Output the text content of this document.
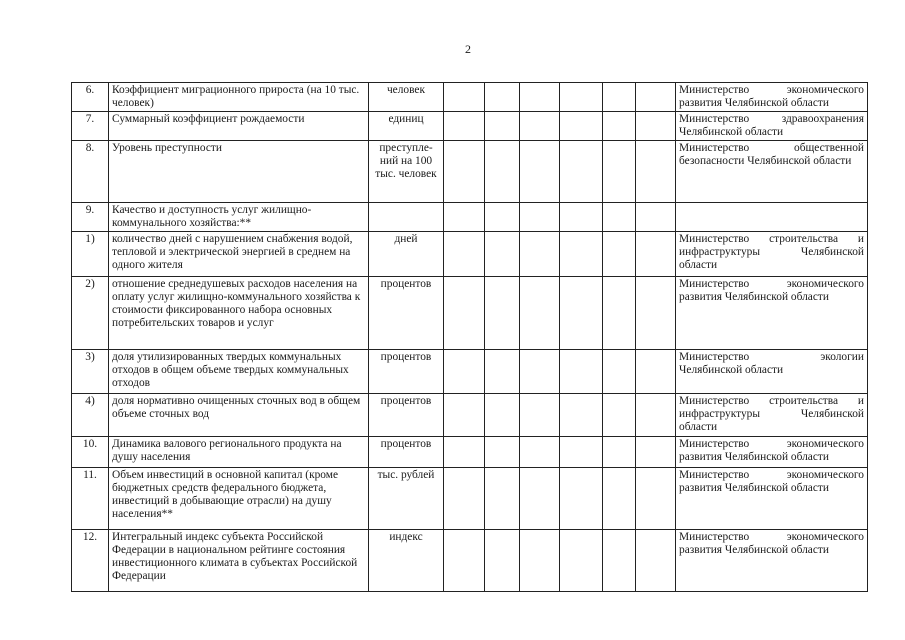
2
6.	Коэффициент миграционного прироста (на 10 тыс. человек)	человек							Министерство экономического
развития Челябинской области

7.	Суммарный коэффициент рождаемости	единиц							Министерство здравоохранения
Челябинской области

8.	Уровень преступности	преступле-ний на 100 тыс. человек							Министерство общественной
безопасности Челябинской области

9.	Качество и доступность услуг жилищно-коммунального хозяйства:**								

1)	количество дней с нарушением снабжения водой, тепловой и электрической энергией в среднем на одного жителя	дней							Министерство строительства и
инфраструктуры Челябинской области

2)	отношение среднедушевых расходов населения на оплату услуг жилищно-коммунального хозяйства к стоимости фиксированного набора основных потребительских товаров и услуг	процентов							Министерство экономического
развития Челябинской области

3)	доля утилизированных твердых коммунальных отходов в общем объеме твердых коммунальных отходов	процентов							Министерство экологии
Челябинской области

4)	доля нормативно очищенных сточных вод в общем объеме сточных вод	процентов							Министерство строительства и
инфраструктуры Челябинской области

10.	Динамика валового регионального продукта на душу населения	процентов							Министерство экономического
развития Челябинской области

11.	Объем инвестиций в основной капитал (кроме бюджетных средств федерального бюджета, инвестиций в добывающие отрасли) на душу населения**	тыс. рублей							Министерство экономического
развития Челябинской области

12.	Интегральный индекс субъекта Российской Федерации в национальном рейтинге состояния инвестиционного климата в субъектах Российской Федерации	индекс							Министерство экономического
развития Челябинской области
